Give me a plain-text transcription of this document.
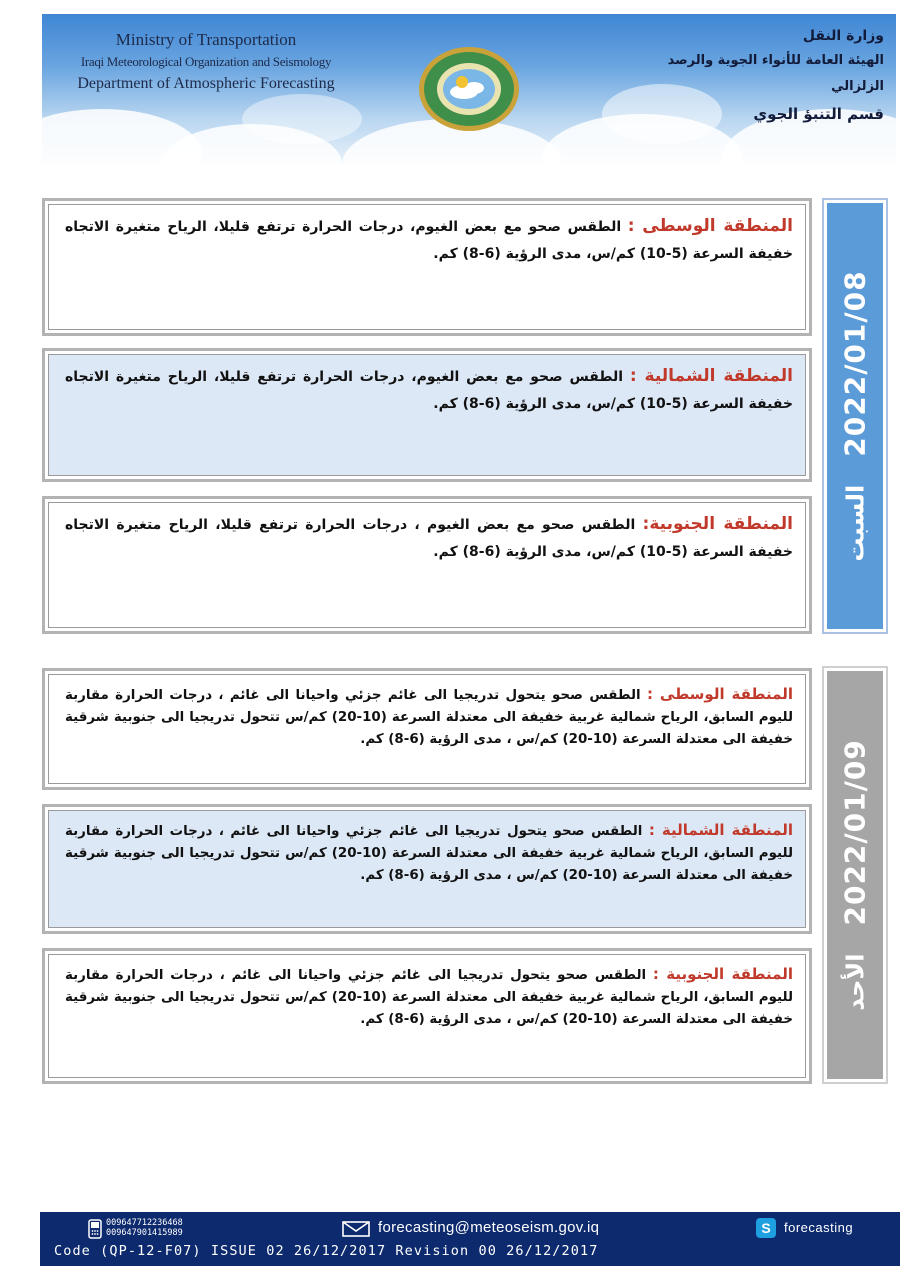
Ministry of Transportation
Iraqi Meteorological Organization and Seismology
Department of Atmospheric Forecasting
وزارة النقل
الهيئة العامة للأنواء الجوية والرصد الزلزالي
قسم التنبؤ الجوي
2022/01/08
السبت
المنطقة الوسطى : الطقس صحو مع بعض الغيوم، درجات الحرارة ترتفع قليلا، الرياح متغيرة الاتجاه خفيفة السرعة (5-10) كم/س، مدى الرؤية (6-8) كم.
المنطقة الشمالية : الطقس صحو مع بعض الغيوم، درجات الحرارة ترتفع قليلا، الرياح متغيرة الاتجاه خفيفة السرعة (5-10) كم/س، مدى الرؤية (6-8) كم.
المنطقة الجنوبية: الطقس صحو مع بعض الغيوم ، درجات الحرارة ترتفع قليلا، الرياح متغيرة الاتجاه خفيفة السرعة (5-10) كم/س، مدى الرؤية (6-8) كم.
2022/01/09
الأحد
المنطقة الوسطى : الطقس صحو يتحول تدريجيا الى غائم جزئي واحيانا الى غائم ، درجات الحرارة مقاربة لليوم السابق، الرياح شمالية غربية خفيفة الى معتدلة السرعة (10-20) كم/س تتحول تدريجيا الى جنوبية شرقية خفيفة الى معتدلة السرعة (10-20) كم/س ، مدى الرؤية (6-8) كم.
المنطقة الشمالية : الطقس صحو يتحول تدريجيا الى غائم جزئي واحيانا الى غائم ، درجات الحرارة مقاربة لليوم السابق، الرياح شمالية غربية خفيفة الى معتدلة السرعة (10-20) كم/س تتحول تدريجيا الى جنوبية شرقية خفيفة الى معتدلة السرعة (10-20) كم/س ، مدى الرؤية (6-8) كم.
المنطقة الجنوبية : الطقس صحو يتحول تدريجيا الى غائم جزئي واحيانا الى غائم ، درجات الحرارة مقاربة لليوم السابق، الرياح شمالية غربية خفيفة الى معتدلة السرعة (10-20) كم/س تتحول تدريجيا الى جنوبية شرقية خفيفة الى معتدلة السرعة (10-20) كم/س ، مدى الرؤية (6-8) كم.
009647712236468
009647901415989	forecasting@meteoseism.gov.iq	S	forecasting
Code (QP-12-F07) ISSUE 02 26/12/2017 Revision 00 26/12/2017
